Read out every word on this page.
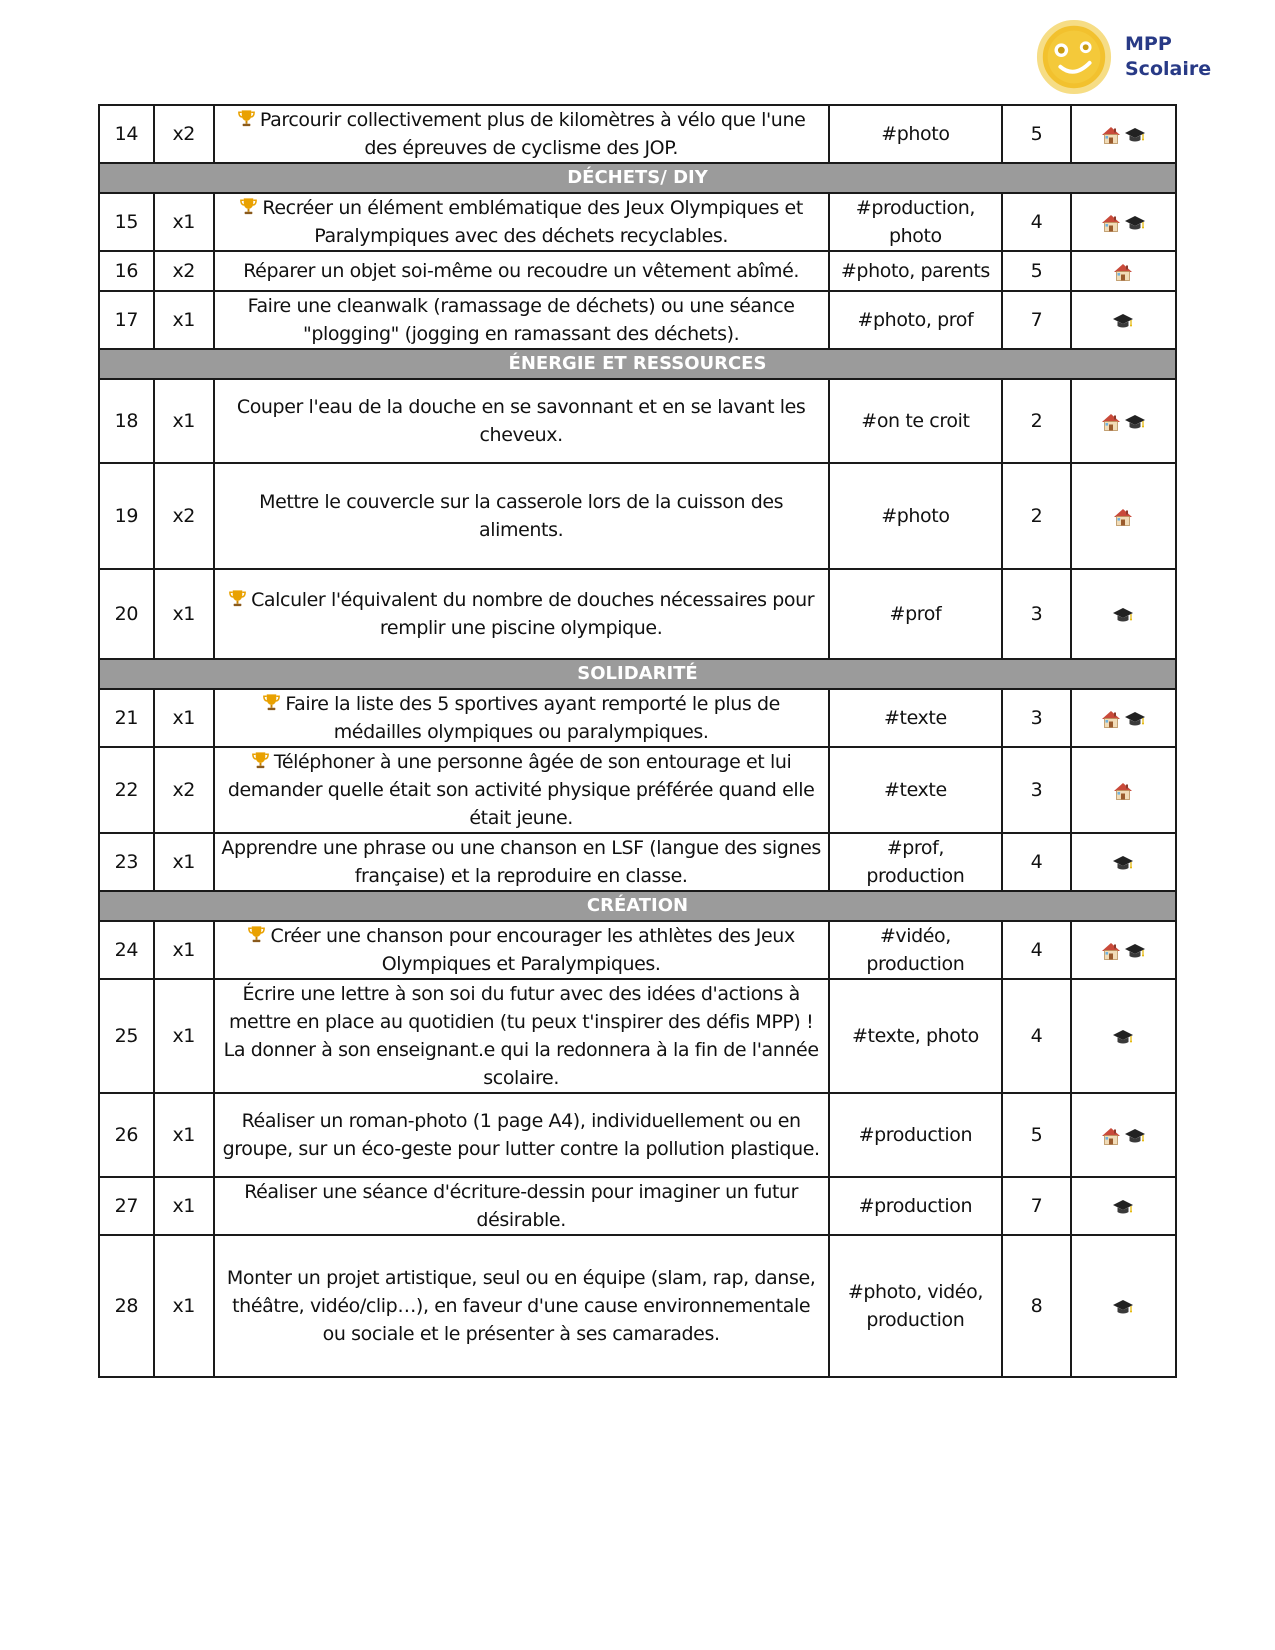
MPP
Scolaire
14	x2	Parcourir collectivement plus de kilomètres à vélo que l'une des épreuves de cyclisme des JOP.	#photo	5	
DÉCHETS/ DIY					
15	x1	Recréer un élément emblématique des Jeux Olympiques et Paralympiques avec des déchets recyclables.	#production, photo	4	
16	x2	Réparer un objet soi-même ou recoudre un vêtement abîmé.	#photo, parents	5	
17	x1	Faire une cleanwalk (ramassage de déchets) ou une séance "plogging" (jogging en ramassant des déchets).	#photo, prof	7	
ÉNERGIE ET RESSOURCES					
18	x1	Couper l'eau de la douche en se savonnant et en se lavant les cheveux.	#on te croit	2	
19	x2	Mettre le couvercle sur la casserole lors de la cuisson des aliments.	#photo	2	
20	x1	Calculer l'équivalent du nombre de douches nécessaires pour remplir une piscine olympique.	#prof	3	
SOLIDARITÉ					
21	x1	Faire la liste des 5 sportives ayant remporté le plus de médailles olympiques ou paralympiques.	#texte	3	
22	x2	Téléphoner à une personne âgée de son entourage et lui demander quelle était son activité physique préférée quand elle était jeune.	#texte	3	
23	x1	Apprendre une phrase ou une chanson en LSF (langue des signes française) et la reproduire en classe.	#prof, production	4	
CRÉATION					
24	x1	Créer une chanson pour encourager les athlètes des Jeux Olympiques et Paralympiques.	#vidéo, production	4	
25	x1	Écrire une lettre à son soi du futur avec des idées d'actions à mettre en place au quotidien (tu peux t'inspirer des défis MPP) ! La donner à son enseignant.e qui la redonnera à la fin de l'année scolaire.	#texte, photo	4	
26	x1	Réaliser un roman-photo (1 page A4), individuellement ou en groupe, sur un éco-geste pour lutter contre la pollution plastique.	#production	5	
27	x1	Réaliser une séance d'écriture-dessin pour imaginer un futur désirable.	#production	7	
28	x1	Monter un projet artistique, seul ou en équipe (slam, rap, danse, théâtre, vidéo/clip…), en faveur d'une cause environnementale ou sociale et le présenter à ses camarades.	#photo, vidéo, production	8	
